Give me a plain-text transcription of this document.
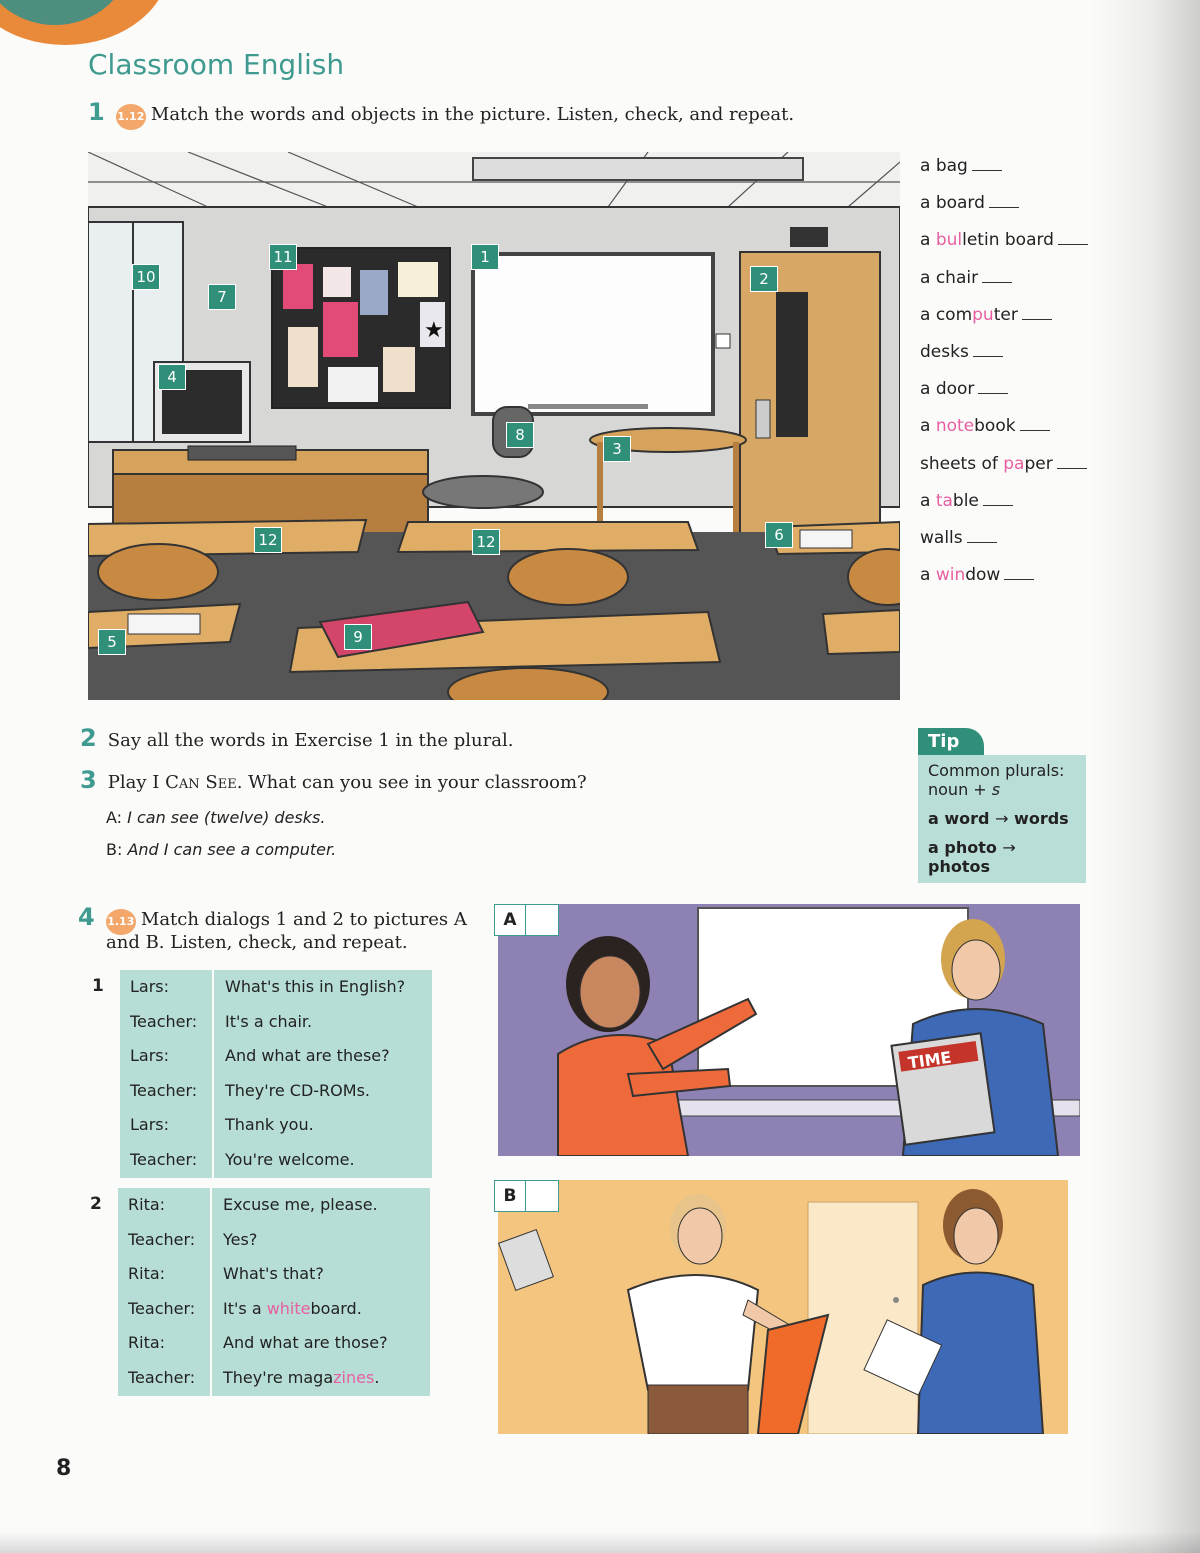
Classroom English
1 1.12 Match the words and objects in the picture. Listen, check, and repeat.
★
11	1
10
7
2
4
8
3
12	12	6
5	9
a bag
a board
a bulletin board
a chair
a computer
desks
a door
a notebook
sheets of paper
a table
walls
a window
2 Say all the words in Exercise 1 in the plural.
3 Play I Can See. What can you see in your classroom?
A: I can see (twelve) desks.
B: And I can see a computer.
Tip
Common plurals:
noun + s
a word → words
a photo → photos
4 1.13 Match dialogs 1 and 2 to pictures A
and B. Listen, check, and repeat.
1 Lars:	What's this in English?
Teacher: It's a chair.
Lars:	And what are these?
Teacher: They're CD-ROMs.
Lars:	Thank you.
Teacher: You're welcome.
2 Rita:	Excuse me, please.
Teacher: Yes?
Rita:	What's that?
Teacher: It's a whiteboard.
Rita:	And what are those?
Teacher: They're magazines.
TIME
A
B
8
